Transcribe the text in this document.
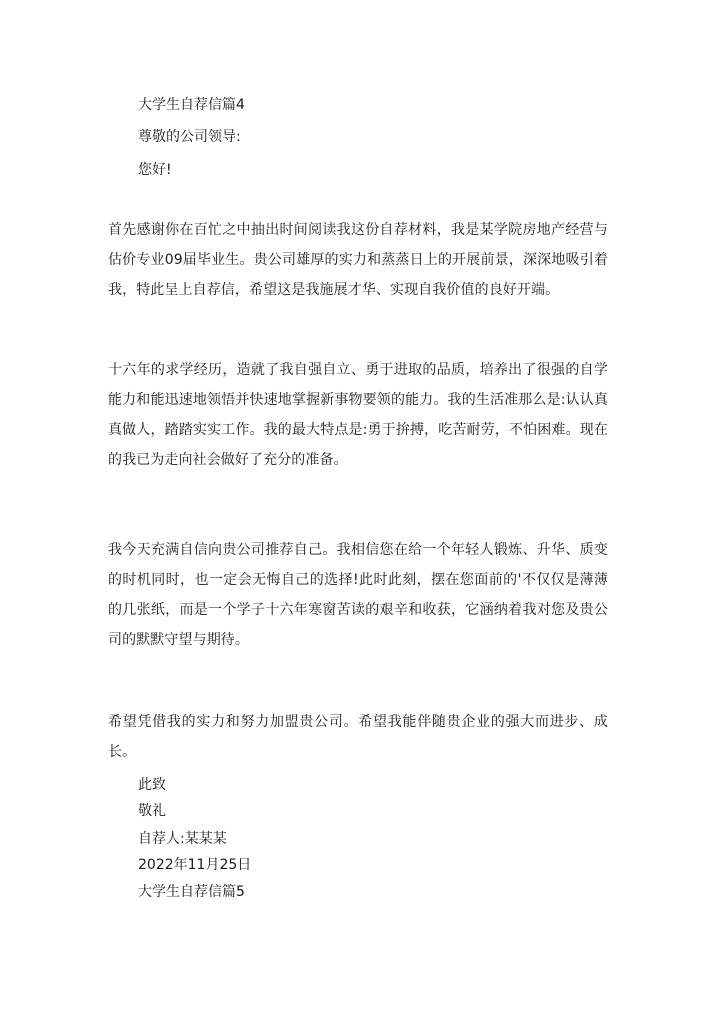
大学生自荐信篇4
尊敬的公司领导:
您好!
首先感谢你在百忙之中抽出时间阅读我这份自荐材料，我是某学院房地产经营与估价专业09届毕业生。贵公司雄厚的实力和蒸蒸日上的开展前景，深深地吸引着我，特此呈上自荐信，希望这是我施展才华、实现自我价值的良好开端。
十六年的求学经历，造就了我自强自立、勇于进取的品质，培养出了很强的自学能力和能迅速地领悟并快速地掌握新事物要领的能力。我的生活准那么是:认认真真做人，踏踏实实工作。我的最大特点是:勇于拚搏，吃苦耐劳，不怕困难。现在的我已为走向社会做好了充分的准备。
我今天充满自信向贵公司推荐自己。我相信您在给一个年轻人锻炼、升华、质变的时机同时，也一定会无悔自己的选择!此时此刻，摆在您面前的'不仅仅是薄薄的几张纸，而是一个学子十六年寒窗苦读的艰辛和收获，它涵纳着我对您及贵公司的默默守望与期待。
希望凭借我的实力和努力加盟贵公司。希望我能伴随贵企业的强大而进步、成长。
此致
敬礼
自荐人:某某某
2022年11月25日
大学生自荐信篇5
